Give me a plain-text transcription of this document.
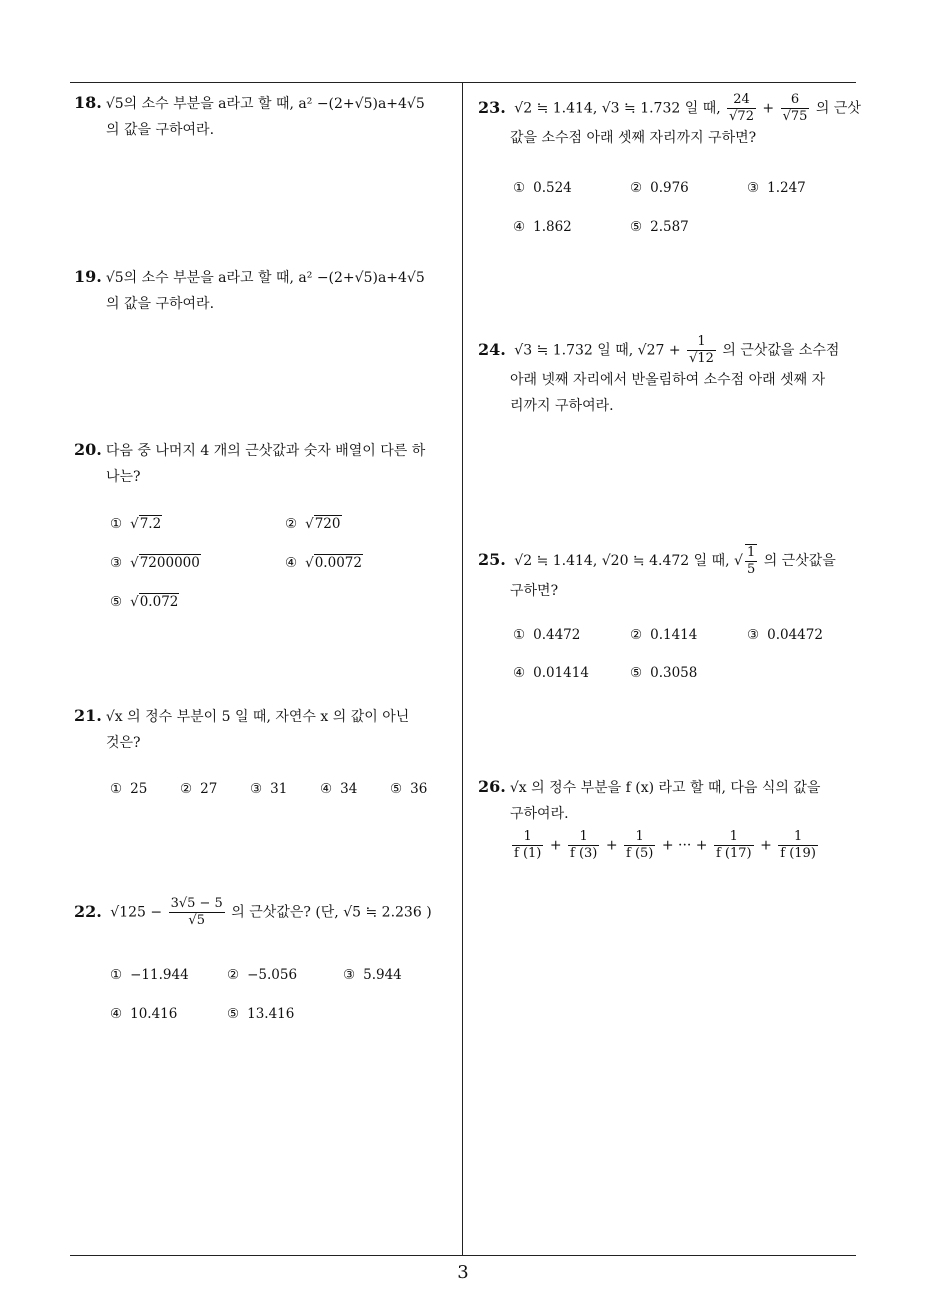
18. √5의 소수 부분을 a라고 할 때, a² −(2+√5)a+4√5
의 값을 구하여라.
19. √5의 소수 부분을 a라고 할 때, a² −(2+√5)a+4√5
의 값을 구하여라.
20. 다음 중 나머지 4 개의 근삿값과 숫자 배열이 다른 하
나는?
① √7.2	② √720
③ √7200000	④ √0.0072
⑤ √0.072
21. √x 의 정수 부분이 5 일 때, 자연수 x 의 값이 아닌
것은?
① 25 ② 27 ③ 31 ④ 34 ⑤ 36
22. $√125 - \frac{3√5 - 5}{√5}$ 의 근삿값은? (단, √5 ≒ 2.236 )
① −11.944	② −5.056	③ 5.944
④ 10.416	⑤ 13.416
23. √2 ≒ 1.414, √3 ≒ 1.732 일 때, $\frac{24}{√72} + \frac{6}{√75}$ 의 근삿
값을 소수점 아래 셋째 자리까지 구하면?
① 0.524	② 0.976	③ 1.247
④ 1.862	⑤ 2.587
24. √3 ≒ 1.732 일 때, $√27 + \frac{1}{√12}$ 의 근삿값을 소수점
아래 넷째 자리에서 반올림하여 소수점 아래 셋째 자
리까지 구하여라.
25. √2 ≒ 1.414, √20 ≒ 4.472 일 때, √ $\frac{1}{5}$ 의 근삿값을
구하면?
① 0.4472	② 0.1414	③ 0.04472
④ 0.01414	⑤ 0.3058
26. √x 의 정수 부분을 f (x) 라고 할 때, 다음 식의 값을
구하여라.
$\frac{1}{f (1)} + \frac{1}{f (3)} + \frac{1}{f (5)}$ + ··· + $\frac{1}{f (17)} + \frac{1}{f (19)}$
3
